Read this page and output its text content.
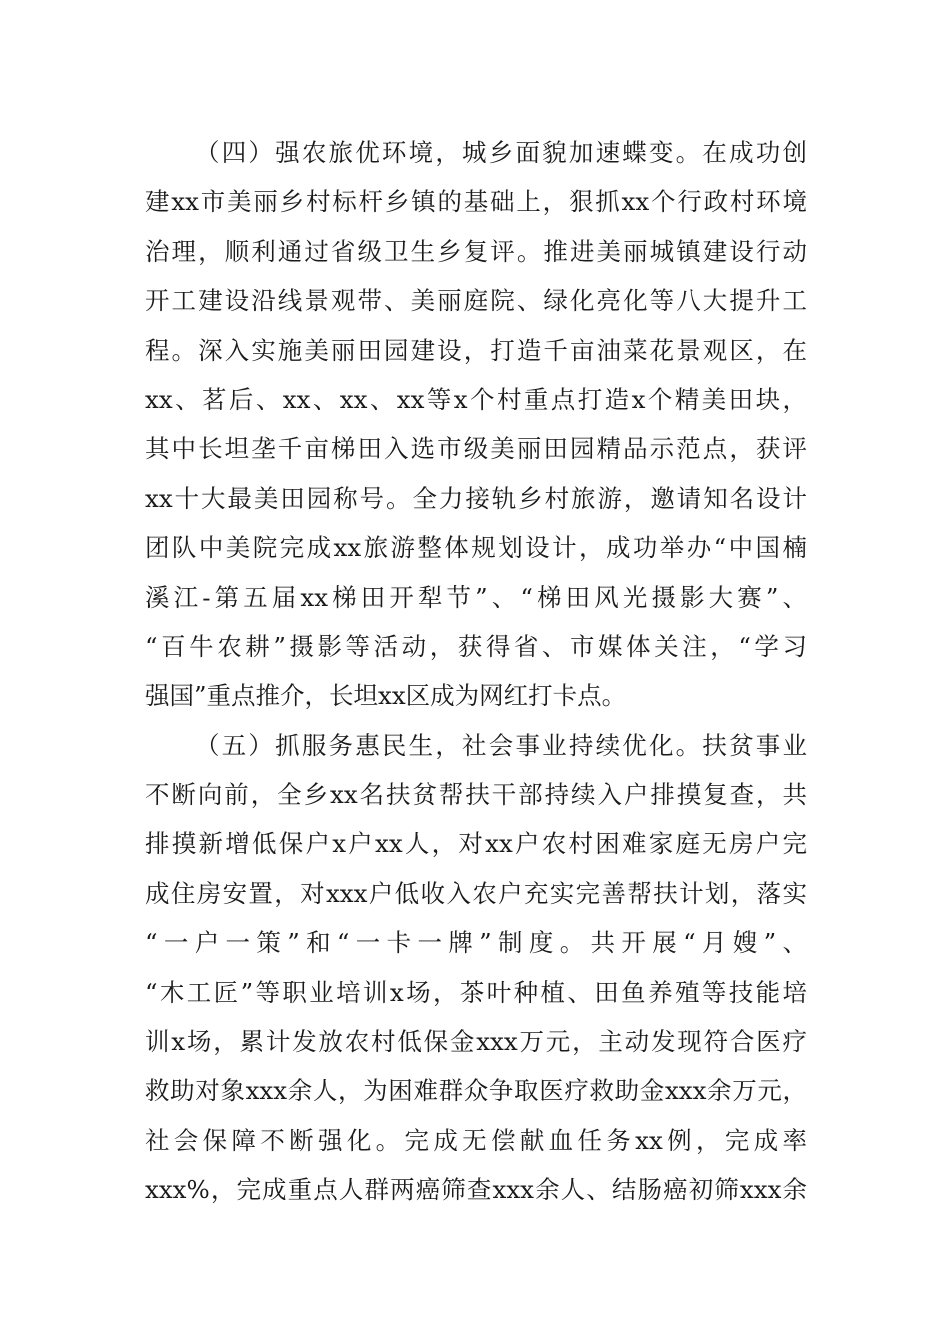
（四）强农旅优环境，城乡面貌加速蝶变。在成功创
建xx市美丽乡村标杆乡镇的基础上，狠抓xx个行政村环境
治理，顺利通过省级卫生乡复评。推进美丽城镇建设行动
开工建设沿线景观带、美丽庭院、绿化亮化等八大提升工
程。深入实施美丽田园建设，打造千亩油菜花景观区，在
xx、茗后、xx、xx、xx等x个村重点打造x个精美田块，
其中长坦垄千亩梯田入选市级美丽田园精品示范点，获评
xx十大最美田园称号。全力接轨乡村旅游，邀请知名设计
团队中美院完成xx旅游整体规划设计，成功举办“中国楠
溪江-第五届xx梯田开犁节”、“梯田风光摄影大赛”、
“百牛农耕”摄影等活动，获得省、市媒体关注，“学习
强国”重点推介，长坦xx区成为网红打卡点。
（五）抓服务惠民生，社会事业持续优化。扶贫事业
不断向前，全乡xx名扶贫帮扶干部持续入户排摸复查，共
排摸新增低保户x户xx人，对xx户农村困难家庭无房户完
成住房安置，对xxx户低收入农户充实完善帮扶计划，落实
“一户一策”和“一卡一牌”制度。共开展“月嫂”、
“木工匠”等职业培训x场，茶叶种植、田鱼养殖等技能培
训x场，累计发放农村低保金xxx万元，主动发现符合医疗
救助对象xxx余人，为困难群众争取医疗救助金xxx余万元，
社会保障不断强化。完成无偿献血任务xx例，完成率
xxx%，完成重点人群两癌筛查xxx余人、结肠癌初筛xxx余
